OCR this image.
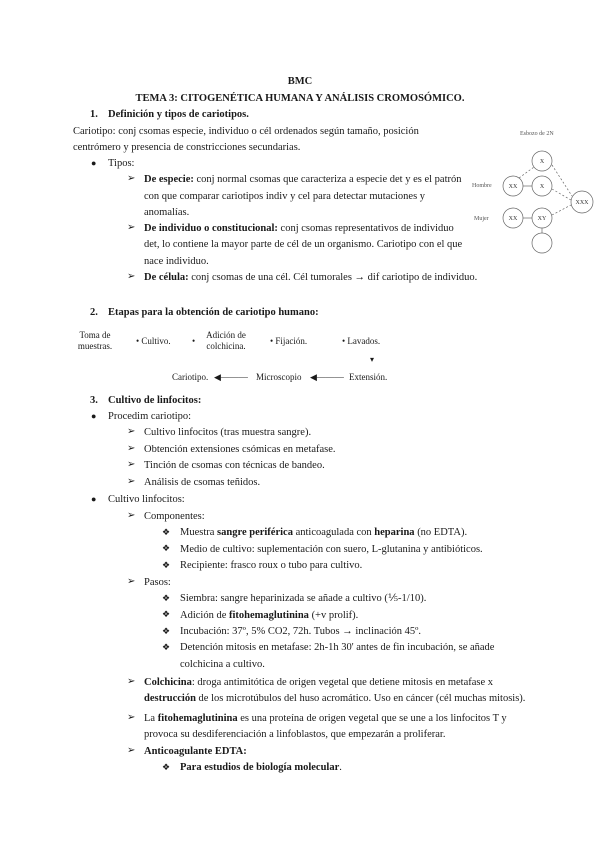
BMC
TEMA 3: CITOGENÉTICA HUMANA Y ANÁLISIS CROMOSÓMICO.
1. Definición y tipos de cariotipos.
Cariotipo: conj csomas especie, individuo o cél ordenados según tamaño, posición
centrómero y presencia de constricciones secundarias.
● Tipos:
➢ De especie: conj normal csomas que caracteriza a especie det y es el patrón
con que comparar cariotipos indiv y cel para detectar mutaciones y
anomalías.
➢ De individuo o constitucional: conj csomas representativos de individuo
det, lo contiene la mayor parte de cél de un organismo. Cariotipo con el que
nace individuo.
➢ De célula: conj csomas de una cél. Cél tumorales → dif cariotipo de individuo.
Esbozo de 2N
Hombre
Mujer
X
XX	X
XX	XY
XXX
2. Etapas para la obtención de cariotipo humano:
Toma de
muestras.	• Cultivo. •
Adición de
colchicina.	• Fijación.	• Lavados.
▾
Cariotipo. ◀——— Microscopio ◀——— Extensión.
3. Cultivo de linfocitos:
● Procedim cariotipo:
➢ Cultivo linfocitos (tras muestra sangre).
➢ Obtención extensiones csómicas en metafase.
➢ Tinción de csomas con técnicas de bandeo.
➢ Análisis de csomas teñidos.
● Cultivo linfocitos:
➢ Componentes:
❖ Muestra sangre periférica anticoagulada con heparina (no EDTA).
❖ Medio de cultivo: suplementación con suero, L-glutanina y antibióticos.
❖ Recipiente: frasco roux o tubo para cultivo.
➢ Pasos:
❖ Siembra: sangre heparinizada se añade a cultivo (⅕-1/10).
❖ Adición de fitohemaglutinina (+v prolif).
❖ Incubación: 37º, 5% CO2, 72h. Tubos → inclinación 45º.
❖ Detención mitosis en metafase: 2h-1h 30' antes de fin incubación, se añade
colchicina a cultivo.
➢ Colchicina: droga antimitótica de origen vegetal que detiene mitosis en metafase x
destrucción de los microtúbulos del huso acromático. Uso en cáncer (cél muchas mitosis).
➢ La fitohemaglutinina es una proteína de origen vegetal que se une a los linfocitos T y
provoca su desdiferenciación a linfoblastos, que empezarán a proliferar.
➢ Anticoagulante EDTA:
❖ Para estudios de biología molecular.
